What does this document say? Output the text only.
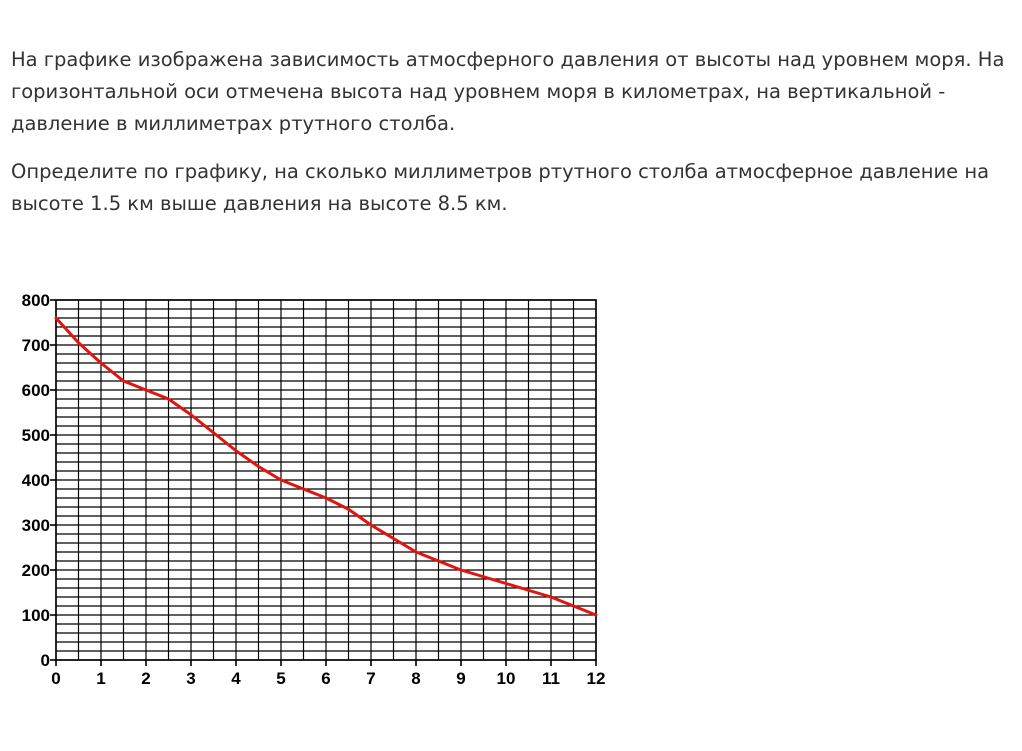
На графике изображена зависимость атмосферного давления от высоты над уровнем моря. На горизонтальной оси отмечена высота над уровнем моря в километрах, на вертикальной - давление в миллиметрах ртутного столба.

Определите по графику, на сколько миллиметров ртутного столба атмосферное давление на высоте 1.5 км выше давления на высоте 8.5 км.

0
100
200
300
400
500
600
700
800
0 1 2 3 4 5 6 7 8 9 10 11 12
